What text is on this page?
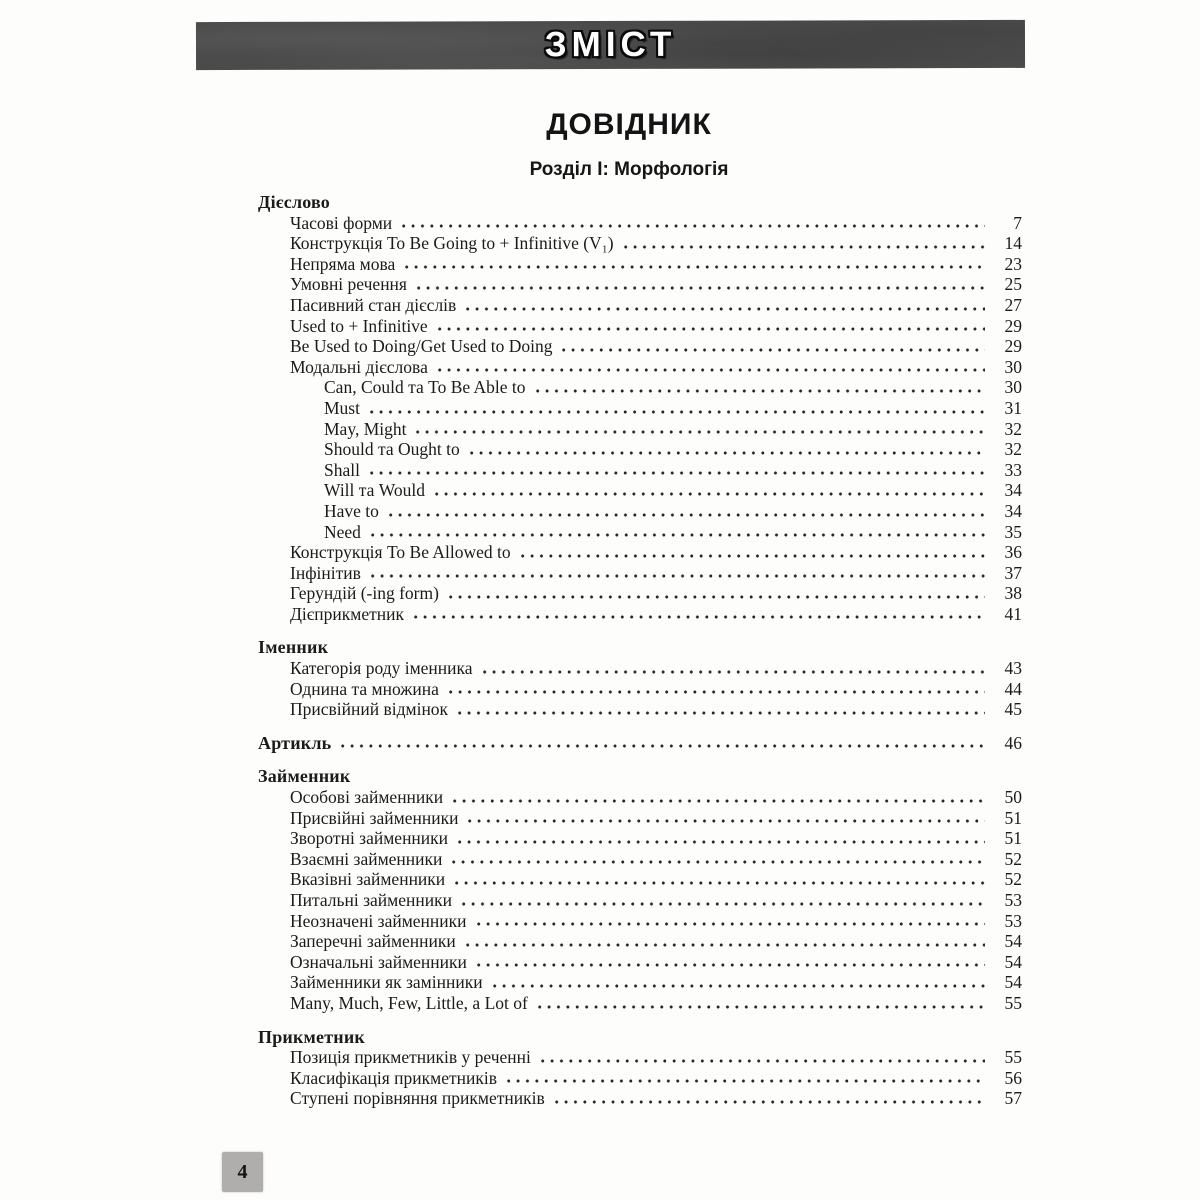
ЗМІСТ
ДОВІДНИК
Розділ І: Морфологія
Дієслово
Часові форми	7
Конструкція To Be Going to + Infinitive (V₁)	14
Непряма мова	23
Умовні речення	25
Пасивний стан дієслів	27
Used to + Infinitive	29
Be Used to Doing/Get Used to Doing	29
Модальні дієслова	30
Can, Could та To Be Able to	30
Must	31
May, Might	32
Should та Ought to	32
Shall	33
Will та Would	34
Have to	34
Need	35
Конструкція To Be Allowed to	36
Інфінітив	37
Герундій (-ing form)	38
Дієприкметник	41
Іменник
Категорія роду іменника	43
Однина та множина	44
Присвійний відмінок	45
Артикль	46
Займенник
Особові займенники	50
Присвійні займенники	51
Зворотні займенники	51
Взаємні займенники	52
Вказівні займенники	52
Питальні займенники	53
Неозначені займенники	53
Заперечні займенники	54
Означальні займенники	54
Займенники як замінники	54
Many, Much, Few, Little, a Lot of	55
Прикметник
Позиція прикметників у реченні	55
Класифікація прикметників	56
Ступені порівняння прикметників	57
4
